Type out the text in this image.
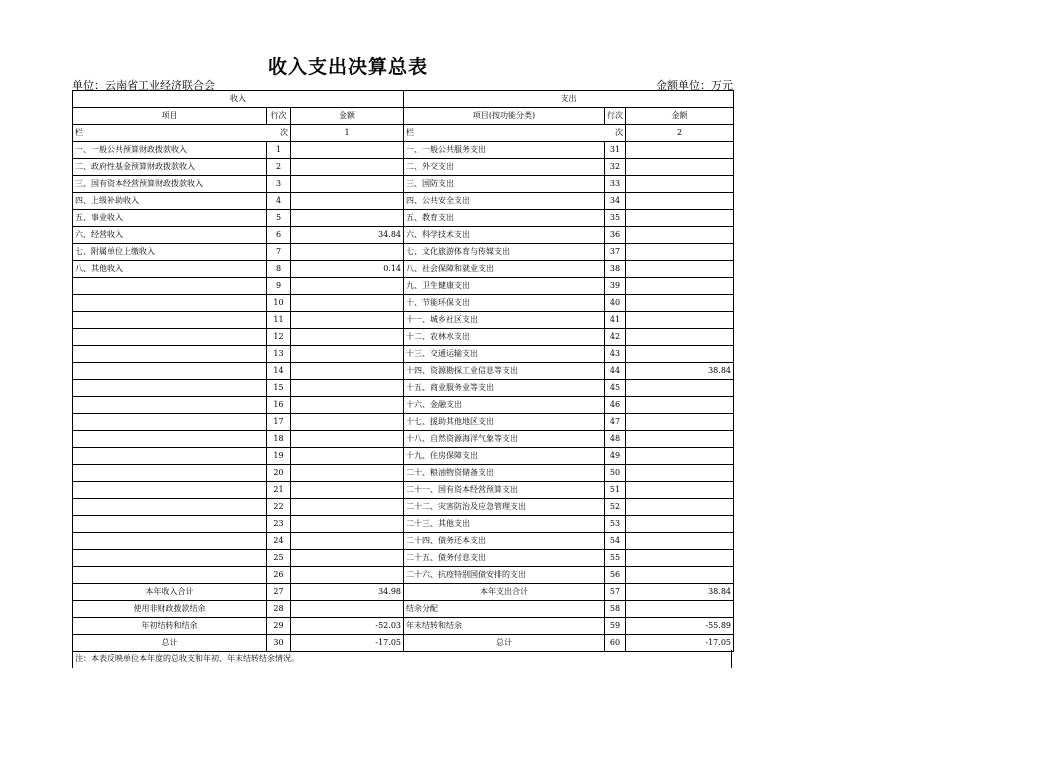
收入支出决算总表
单位：云南省工业经济联合会	金额单位：万元
收入			支出		
项目	行次	金额	项目(按功能分类)	行次	金额

栏 次		1	栏 次		2
一、一般公共预算财政拨款收入	1		一、一般公共服务支出	31	
二、政府性基金预算财政拨款收入	2		二、外交支出	32	
三、国有资本经营预算财政拨款收入	3		三、国防支出	33	
四、上级补助收入	4		四、公共安全支出	34	
五、事业收入	5		五、教育支出	35	
六、经营收入	6	34.84	六、科学技术支出	36	
七、附属单位上缴收入	7		七、文化旅游体育与传媒支出	37	
八、其他收入	8	0.14	八、社会保障和就业支出	38	
	9		九、卫生健康支出	39	
	10		十、节能环保支出	40	
	11		十一、城乡社区支出	41	
	12		十二、农林水支出	42	
	13		十三、交通运输支出	43	
	14		十四、资源勘探工业信息等支出	44	38.84
	15		十五、商业服务业等支出	45	
	16		十六、金融支出	46	
	17		十七、援助其他地区支出	47	
	18		十八、自然资源海洋气象等支出	48	
	19		十九、住房保障支出	49	
	20		二十、粮油物资储备支出	50	
	21		二十一、国有资本经营预算支出	51	
	22		二十二、灾害防治及应急管理支出	52	
	23		二十三、其他支出	53	
	24		二十四、债务还本支出	54	
	25		二十五、债务付息支出	55	
	26		二十六、抗疫特别国债安排的支出	56	
本年收入合计	27	34.98	本年支出合计	57	38.84
使用非财政拨款结余	28		结余分配	58	
年初结转和结余	29	-52.03	年末结转和结余	59	-55.89
总计	30	-17.05	总计	60	-17.05
注：本表反映单位本年度的总收支和年初、年末结转结余情况。
